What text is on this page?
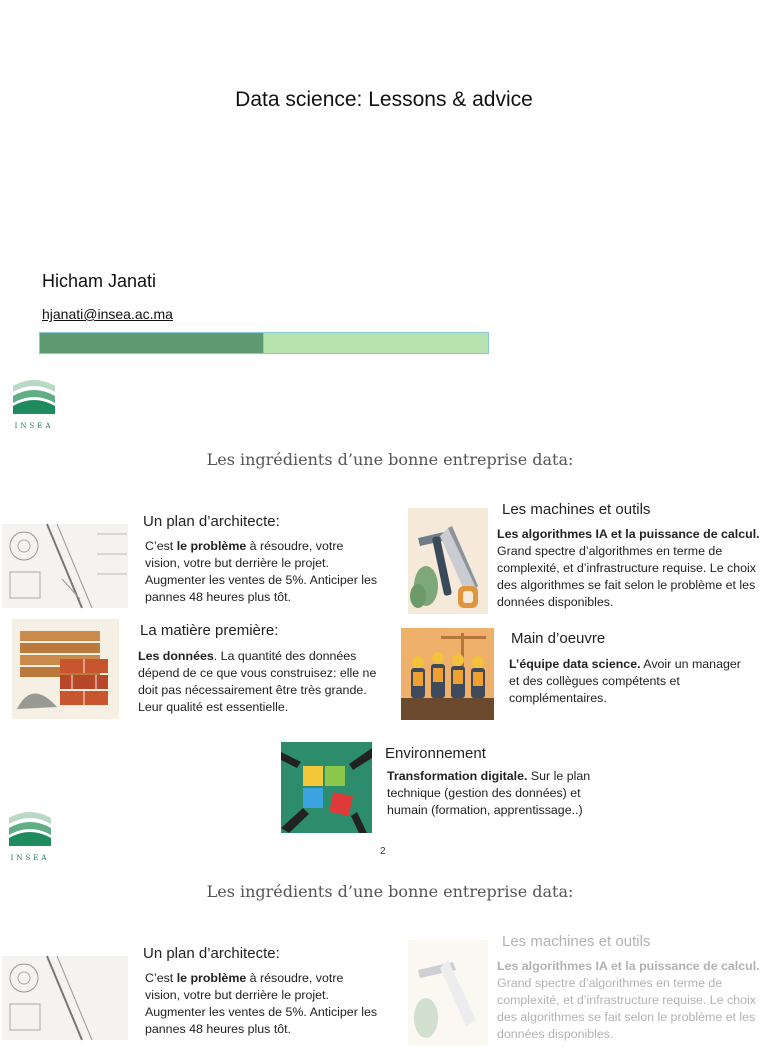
Data science: Lessons & advice
Hicham Janati
hjanati@insea.ac.ma
INSEA
Les ingrédients d’une bonne entreprise data:
Un plan d’architecte:
C’est le problème à résoudre, votre vision, votre but derrière le projet. Augmenter les ventes de 5%. Anticiper les pannes 48 heures plus tôt.
Les machines et outils
Les algorithmes IA et la puissance de calcul. Grand spectre d’algorithmes en terme de complexité, et d’infrastructure requise. Le choix des algorithmes se fait selon le problème et les données disponibles.
La matière première:
Les données. La quantité des données dépend de ce que vous construisez: elle ne doit pas nécessairement être très grande. Leur qualité est essentielle.
Main d’oeuvre
L’équipe data science. Avoir un manager et des collègues compétents et complémentaires.
Environnement
Transformation digitale. Sur le plan technique (gestion des données) et humain (formation, apprentissage..)
2
INSEA
Les ingrédients d’une bonne entreprise data:
Un plan d’architecte:
C’est le problème à résoudre, votre vision, votre but derrière le projet. Augmenter les ventes de 5%. Anticiper les pannes 48 heures plus tôt.
Les machines et outils
Les algorithmes IA et la puissance de calcul. Grand spectre d’algorithmes en terme de complexité, et d’infrastructure requise. Le choix des algorithmes se fait selon le problème et les données disponibles.
